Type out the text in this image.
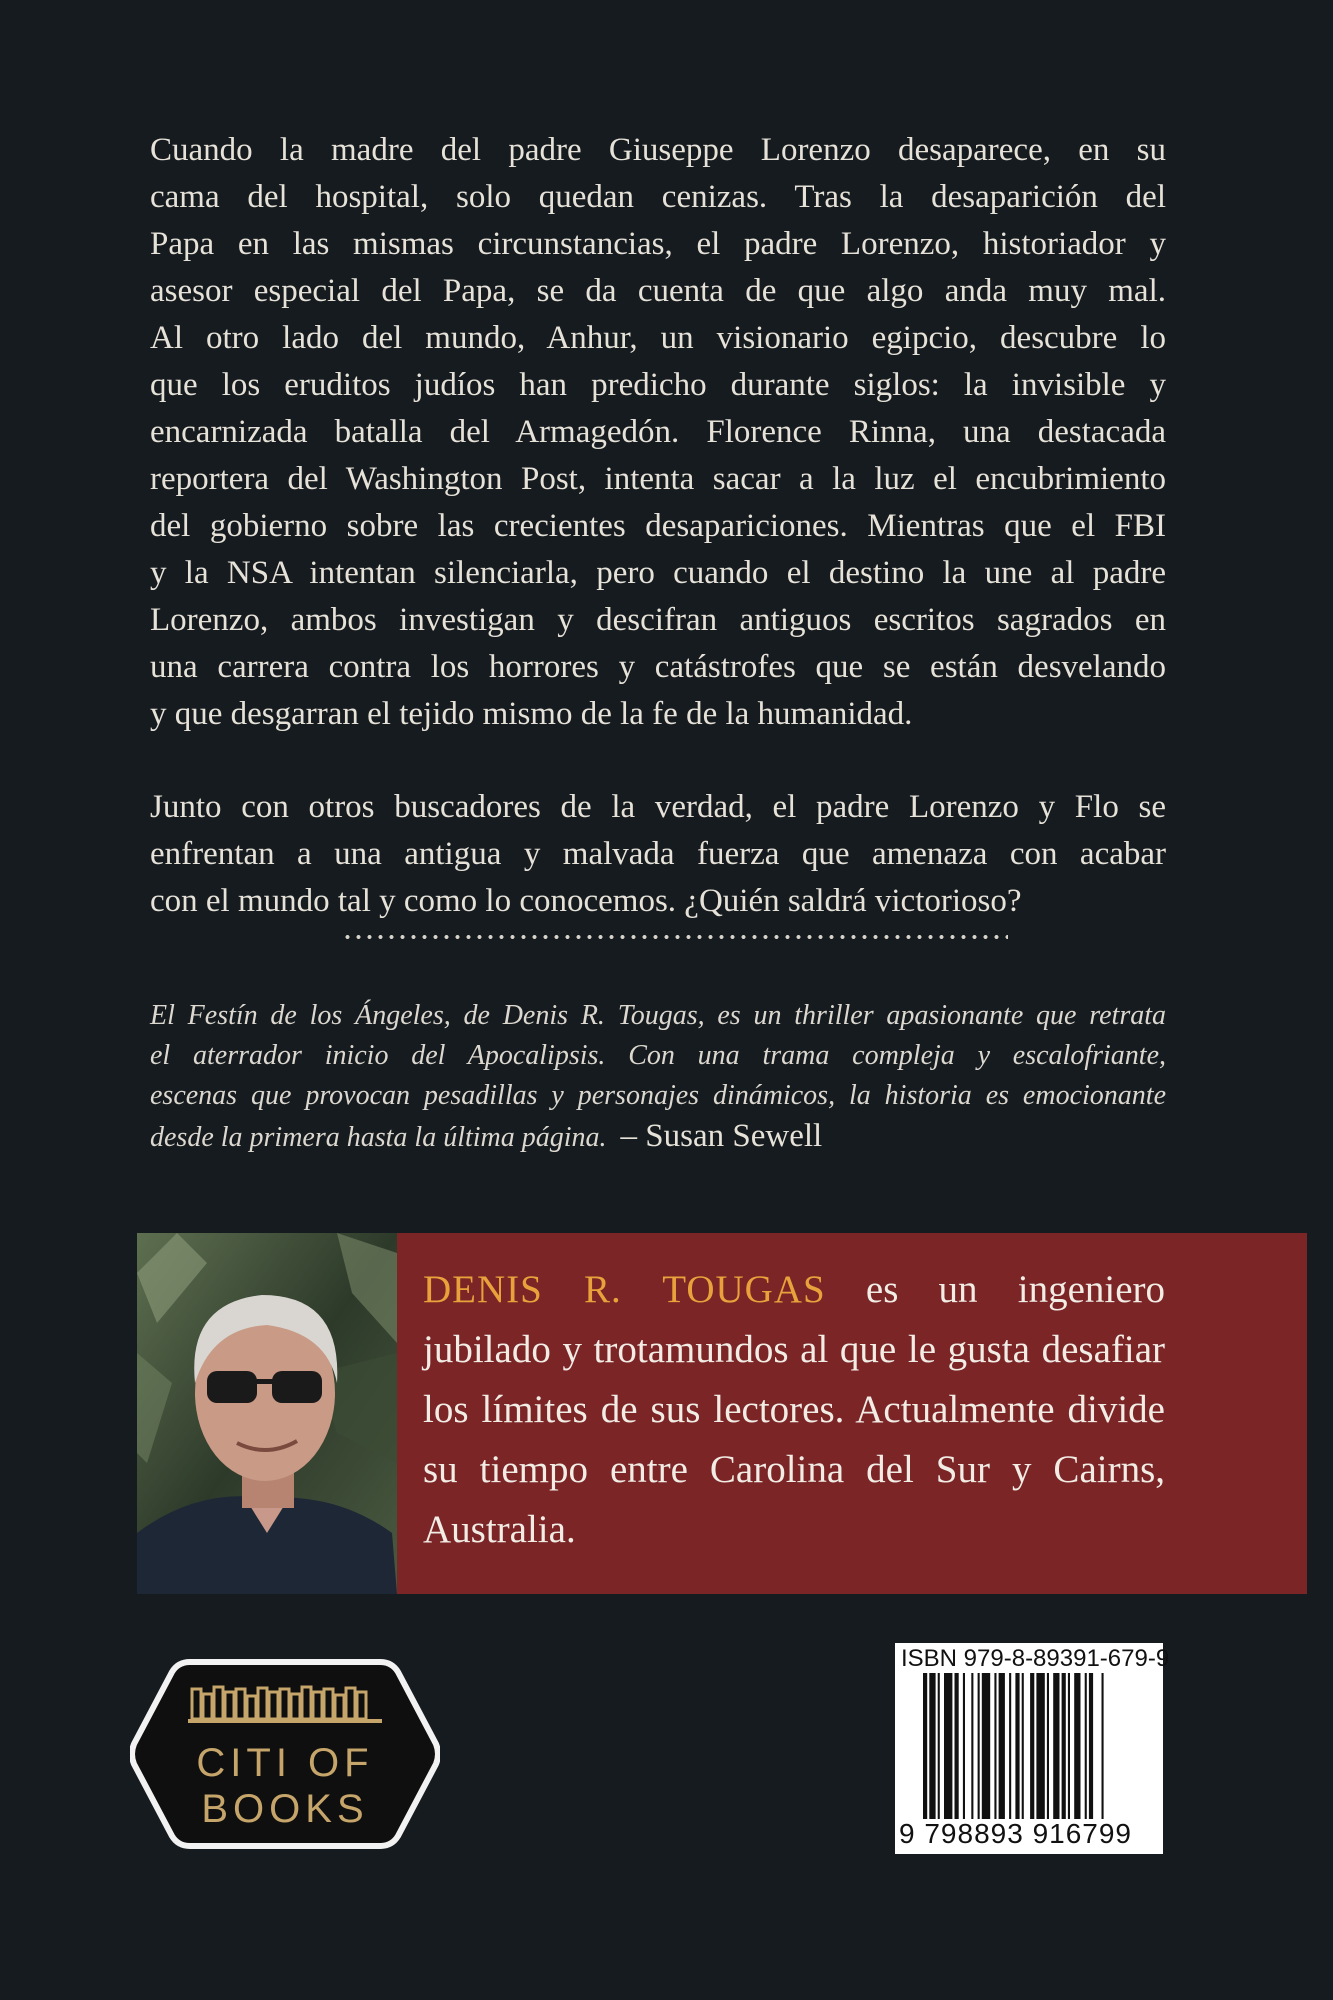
Cuando la madre del padre Giuseppe Lorenzo desaparece, en su
cama del hospital, solo quedan cenizas. Tras la desaparición del
Papa en las mismas circunstancias, el padre Lorenzo, historiador y
asesor especial del Papa, se da cuenta de que algo anda muy mal.
Al otro lado del mundo, Anhur, un visionario egipcio, descubre lo
que los eruditos judíos han predicho durante siglos: la invisible y
encarnizada batalla del Armagedón. Florence Rinna, una destacada
reportera del Washington Post, intenta sacar a la luz el encubrimiento
del gobierno sobre las crecientes desapariciones. Mientras que el FBI
y la NSA intentan silenciarla, pero cuando el destino la une al padre
Lorenzo, ambos investigan y descifran antiguos escritos sagrados en
una carrera contra los horrores y catástrofes que se están desvelando
y que desgarran el tejido mismo de la fe de la humanidad.

Junto con otros buscadores de la verdad, el padre Lorenzo y Flo se
enfrentan a una antigua y malvada fuerza que amenaza con acabar
con el mundo tal y como lo conocemos. ¿Quién saldrá victorioso?

El Festín de los Ángeles, de Denis R. Tougas, es un thriller apasionante que retrata
el aterrador inicio del Apocalipsis. Con una trama compleja y escalofriante,
escenas que provocan pesadillas y personajes dinámicos, la historia es emocionante
desde la primera hasta la última página. – Susan Sewell

DENIS R. TOUGAS es un ingeniero
jubilado y trotamundos al que le gusta desafiar
los límites de sus lectores. Actualmente divide
su tiempo entre Carolina del Sur y Cairns,
Australia.

CITI OF
BOOKS
ISBN 979-8-89391-679-9
9 798893 916799
